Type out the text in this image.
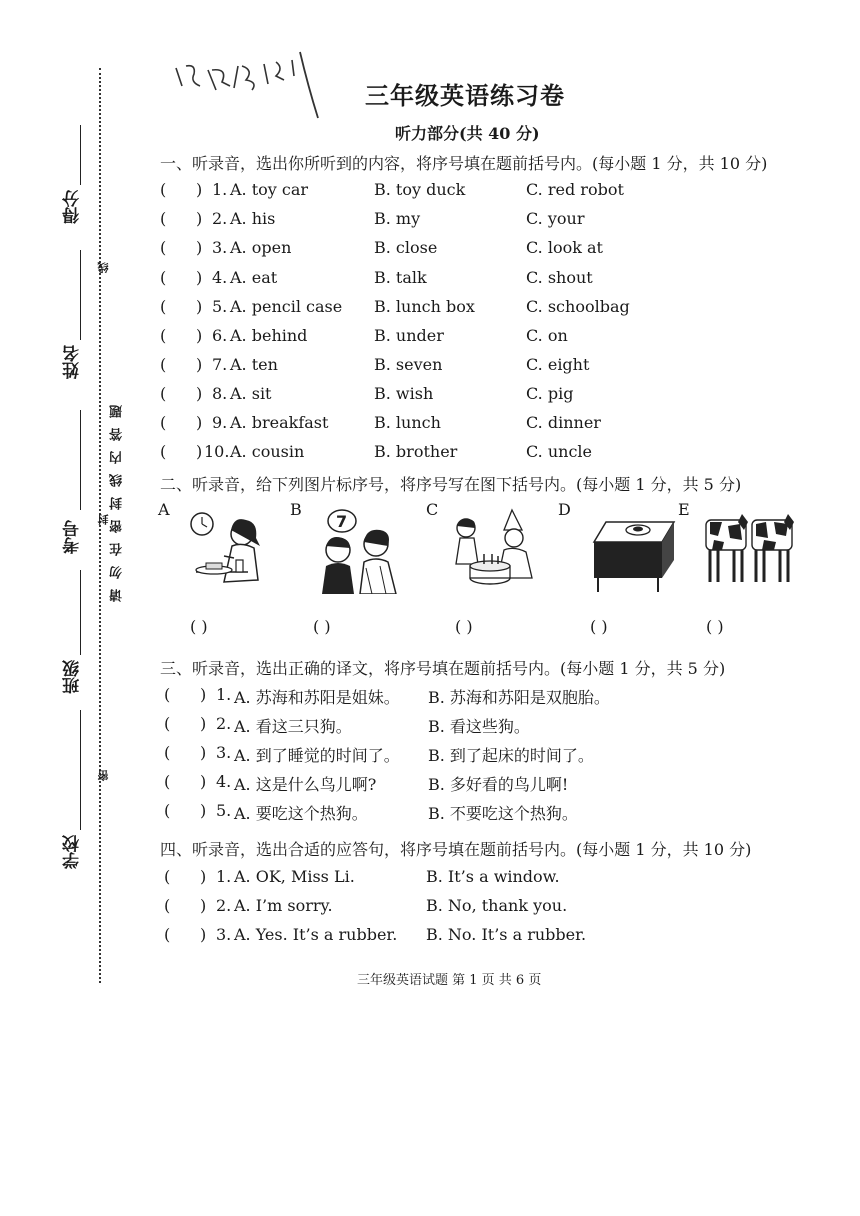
得分
线
姓名
请勿在密封线内答题
封
考号
班级
密
学校
三年级英语练习卷
听力部分(共 40 分)
一、听录音，选出你所听到的内容，将序号填在题前括号内。(每小题 1 分，共 10 分)
( ) 1. A. toy car	B. toy duck	C. red robot
( ) 2. A. his	B. my	C. your
( ) 3. A. open	B. close	C. look at
( ) 4. A. eat	B. talk	C. shout
( ) 5. A. pencil case B. lunch box	C. schoolbag
( ) 6. A. behind	B. under	C. on
( ) 7. A. ten	B. seven	C. eight
( ) 8. A. sit	B. wish	C. pig
( ) 9. A. breakfast	B. lunch	C. dinner
( ) 10. A. cousin	B. brother	C. uncle
二、听录音，给下列图片标序号，将序号写在图下括号内。(每小题 1 分，共 5 分)
A	B
7
C	D	E
( )	( )	( )	( )	( )
三、听录音，选出正确的译文，将序号填在题前括号内。(每小题 1 分，共 5 分)
( ) 1. A. 苏海和苏阳是姐妹。 B. 苏海和苏阳是双胞胎。
( ) 2. A. 看这三只狗。	B. 看这些狗。
( ) 3. A. 到了睡觉的时间了。 B. 到了起床的时间了。
( ) 4. A. 这是什么鸟儿啊?	B. 多好看的鸟儿啊!
( ) 5. A. 要吃这个热狗。	B. 不要吃这个热狗。
四、听录音，选出合适的应答句，将序号填在题前括号内。(每小题 1 分，共 10 分)
( ) 1. A. OK, Miss Li.	B. It’s a window.
( ) 2. A. I’m sorry.	B. No, thank you.
( ) 3. A. Yes. It’s a rubber. B. No. It’s a rubber.
三年级英语试题 第 1 页 共 6 页
